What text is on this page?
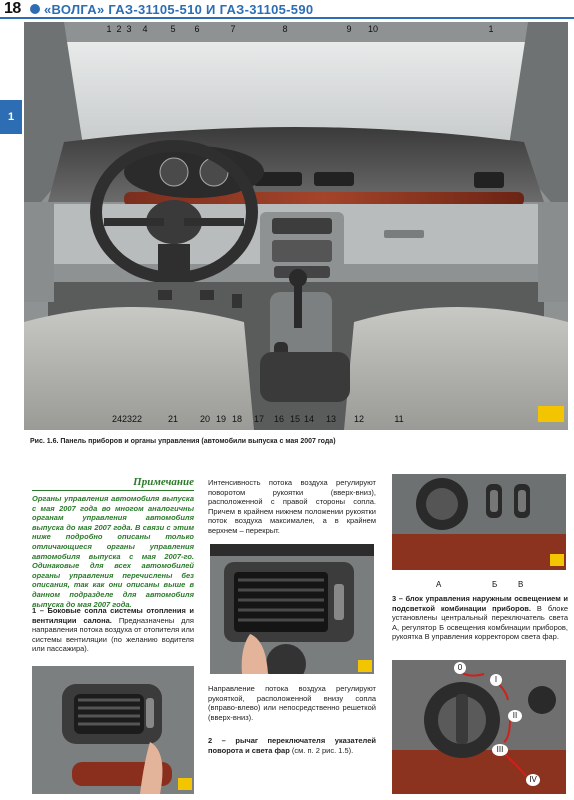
18 «ВОЛГА» ГАЗ-31105-510 И ГАЗ-31105-590
1
1 2 3	4	5	6	7	8	9	10	1
24 23 22	21	20 19 18	17	16 15 14	13	12	11
Рис. 1.6. Панель приборов и органы управления (автомобили выпуска с мая 2007 года)
Примечание
Органы управления автомобиля выпуска с мая 2007 года во многом аналогичны органам управления автомобиля выпуска до мая 2007 года. В связи с этим ниже подробно описаны только отличающиеся органы управления автомобиля выпуска с мая 2007-го. Одинаковые для всех автомобилей органы управления перечислены без описания, так как они описаны выше в данном подразделе для автомобиля выпуска до мая 2007 года.
1 – Боковые сопла системы отопления и вентиляции салона. Предназначены для направления потока воздуха от отопителя или системы вентиляции (по желанию водителя или пассажира).
Интенсивность потока воздуха регулируют поворотом рукоятки (вверх-вниз), расположенной с правой стороны сопла. Причем в крайнем нижнем положении рукоятки поток воздуха максимален, а в крайнем верхнем – перекрыт.
Направление потока воздуха регулируют рукояткой, расположенной внизу сопла (вправо-влево) или непосредственно решеткой (вверх-вниз).
2 – рычаг переключателя указателей поворота и света фар (см. п. 2 рис. 1.5).
А	Б	В
3 – блок управления наружным освещением и подсветкой комбинации приборов. В блоке установлены центральный переключатель света А, регулятор Б освещения комбинации приборов, рукоятка В управления корректором света фар.
0
I
II
III
IV
